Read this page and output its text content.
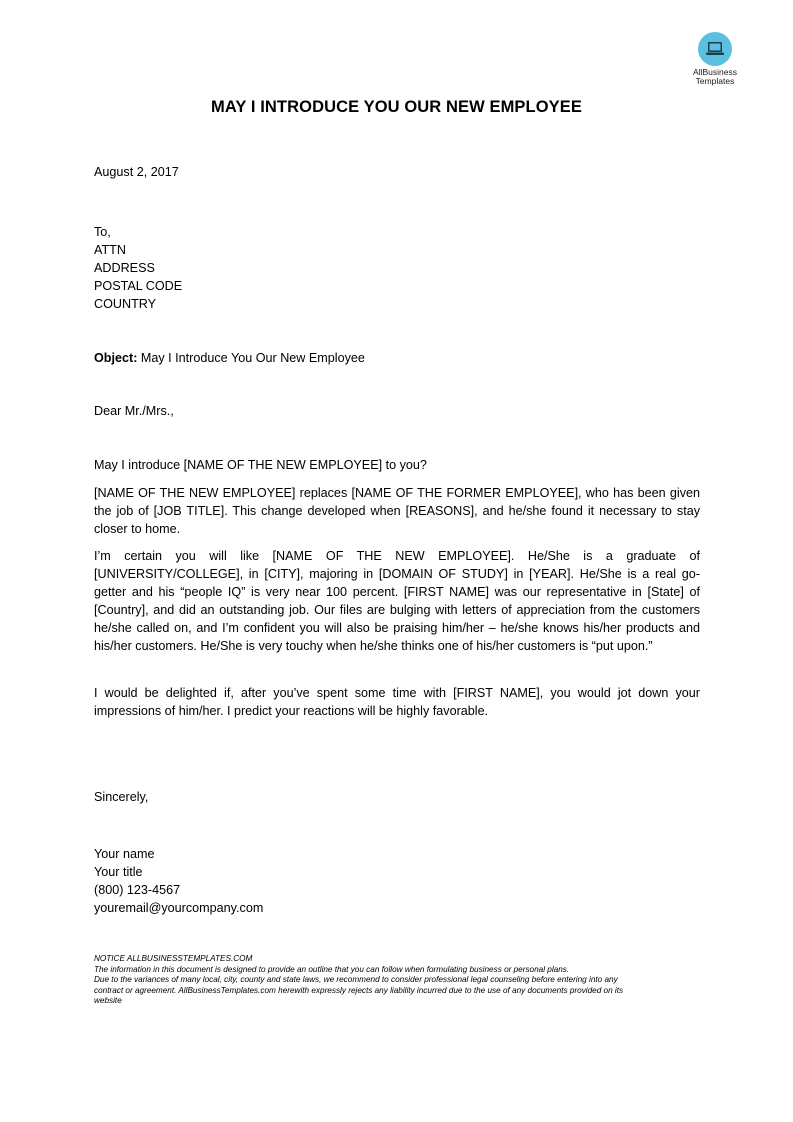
AllBusiness
Templates
MAY I INTRODUCE YOU OUR NEW EMPLOYEE
August 2, 2017
To,
ATTN
ADDRESS
POSTAL CODE
COUNTRY
Object: May I Introduce You Our New Employee
Dear Mr./Mrs.,
May I introduce [NAME OF THE NEW EMPLOYEE] to you?
[NAME OF THE NEW EMPLOYEE] replaces [NAME OF THE FORMER EMPLOYEE], who has been given the job of [JOB TITLE]. This change developed when [REASONS], and he/she found it necessary to stay closer to home.
I’m certain you will like [NAME OF THE NEW EMPLOYEE]. He/She is a graduate of [UNIVERSITY/COLLEGE], in [CITY], majoring in [DOMAIN OF STUDY] in [YEAR]. He/She is a real go-getter and his “people IQ” is very near 100 percent. [FIRST NAME] was our representative in [State] of [Country], and did an outstanding job. Our files are bulging with letters of appreciation from the customers he/she called on, and I’m confident you will also be praising him/her – he/she knows his/her products and his/her customers. He/She is very touchy when he/she thinks one of his/her customers is “put upon.”
I would be delighted if, after you’ve spent some time with [FIRST NAME], you would jot down your impressions of him/her. I predict your reactions will be highly favorable.
Sincerely,
Your name
Your title
(800) 123-4567
youremail@yourcompany.com
NOTICE ALLBUSINESSTEMPLATES.COM
The information in this document is designed to provide an outline that you can follow when formulating business or personal plans.
Due to the variances of many local, city, county and state laws, we recommend to consider professional legal counseling before entering into any
contract or agreement. AllBusinessTemplates.com herewith expressly rejects any liability incurred due to the use of any documents provided on its
website
